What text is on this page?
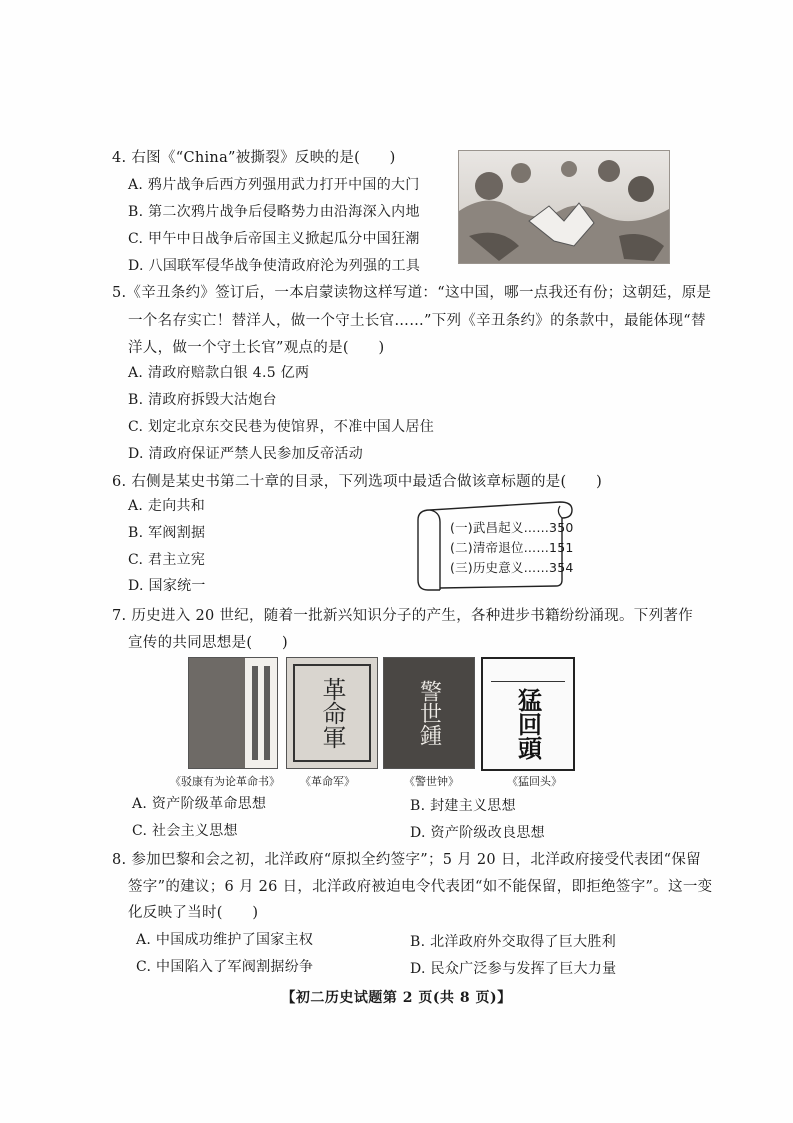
4. 右图《“China”被撕裂》反映的是(　　)
A. 鸦片战争后西方列强用武力打开中国的大门
B. 第二次鸦片战争后侵略势力由沿海深入内地
C. 甲午中日战争后帝国主义掀起瓜分中国狂潮
D. 八国联军侵华战争使清政府沦为列强的工具
5.《辛丑条约》签订后，一本启蒙读物这样写道：“这中国，哪一点我还有份；这朝廷，原是
一个名存实亡！替洋人，做一个守土长官……”下列《辛丑条约》的条款中，最能体现“替
洋人，做一个守土长官”观点的是(　　)
A. 清政府赔款白银 4.5 亿两
B. 清政府拆毁大沽炮台
C. 划定北京东交民巷为使馆界，不准中国人居住
D. 清政府保证严禁人民参加反帝活动
6. 右侧是某史书第二十章的目录，下列选项中最适合做该章标题的是(　　)
A. 走向共和
B. 军阀割据
C. 君主立宪
D. 国家统一
(一)武昌起义……350
(二)清帝退位……151
(三)历史意义……354
7. 历史进入 20 世纪，随着一批新兴知识分子的产生，各种进步书籍纷纷涌现。下列著作
宣传的共同思想是(　　)
革命軍	警世鍾	猛回頭
《驳康有为论革命书》 《革命军》	《警世钟》	《猛回头》
A. 资产阶级革命思想	B. 封建主义思想
C. 社会主义思想	D. 资产阶级改良思想
8. 参加巴黎和会之初，北洋政府“原拟全约签字”；5 月 20 日，北洋政府接受代表团“保留
签字”的建议；6 月 26 日，北洋政府被迫电令代表团“如不能保留，即拒绝签字”。这一变
化反映了当时(　　)
A. 中国成功维护了国家主权	B. 北洋政府外交取得了巨大胜利
C. 中国陷入了军阀割据纷争	D. 民众广泛参与发挥了巨大力量
【初二历史试题第 2 页(共 8 页)】
